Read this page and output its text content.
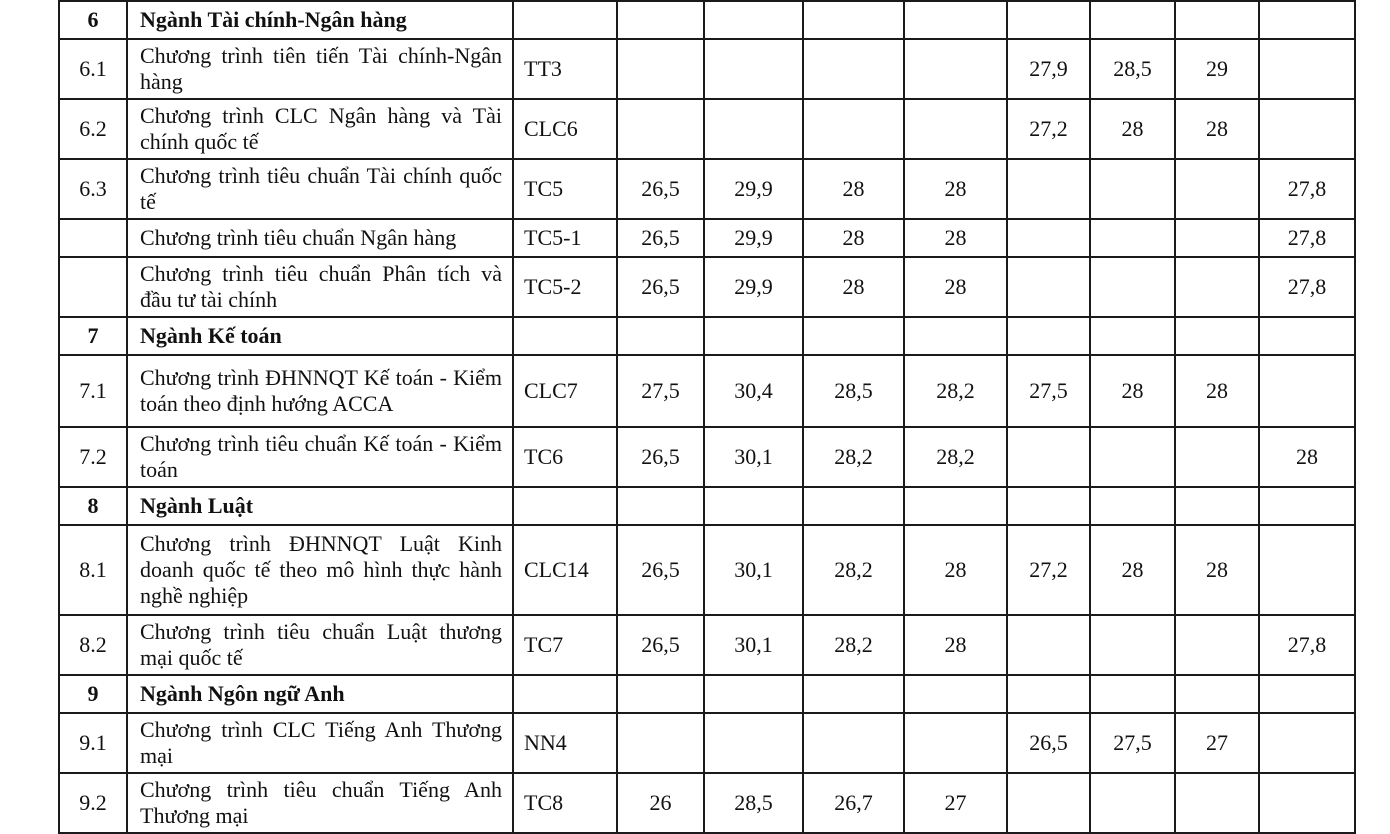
6	Ngành Tài chính-Ngân hàng									
6.1	Chương trình tiên tiến Tài chính-Ngân hàng	TT3					27,9	28,5	29	
6.2	Chương trình CLC Ngân hàng và Tài chính quốc tế	CLC6					27,2	28	28	
6.3	Chương trình tiêu chuẩn Tài chính quốc tế	TC5	26,5	29,9	28	28				27,8
	Chương trình tiêu chuẩn Ngân hàng	TC5-1	26,5	29,9	28	28				27,8
	Chương trình tiêu chuẩn Phân tích và đầu tư tài chính	TC5-2	26,5	29,9	28	28				27,8
7	Ngành Kế toán									
7.1	Chương trình ĐHNNQT Kế toán - Kiểm toán theo định hướng ACCA	CLC7	27,5	30,4	28,5	28,2	27,5	28	28	
7.2	Chương trình tiêu chuẩn Kế toán - Kiểm toán	TC6	26,5	30,1	28,2	28,2				28
8	Ngành Luật									
8.1	Chương trình ĐHNNQT Luật Kinh doanh quốc tế theo mô hình thực hành nghề nghiệp	CLC14	26,5	30,1	28,2	28	27,2	28	28	
8.2	Chương trình tiêu chuẩn Luật thương mại quốc tế	TC7	26,5	30,1	28,2	28				27,8
9	Ngành Ngôn ngữ Anh									
9.1	Chương trình CLC Tiếng Anh Thương mại	NN4					26,5	27,5	27	
9.2	Chương trình tiêu chuẩn Tiếng Anh Thương mại	TC8	26	28,5	26,7	27				
